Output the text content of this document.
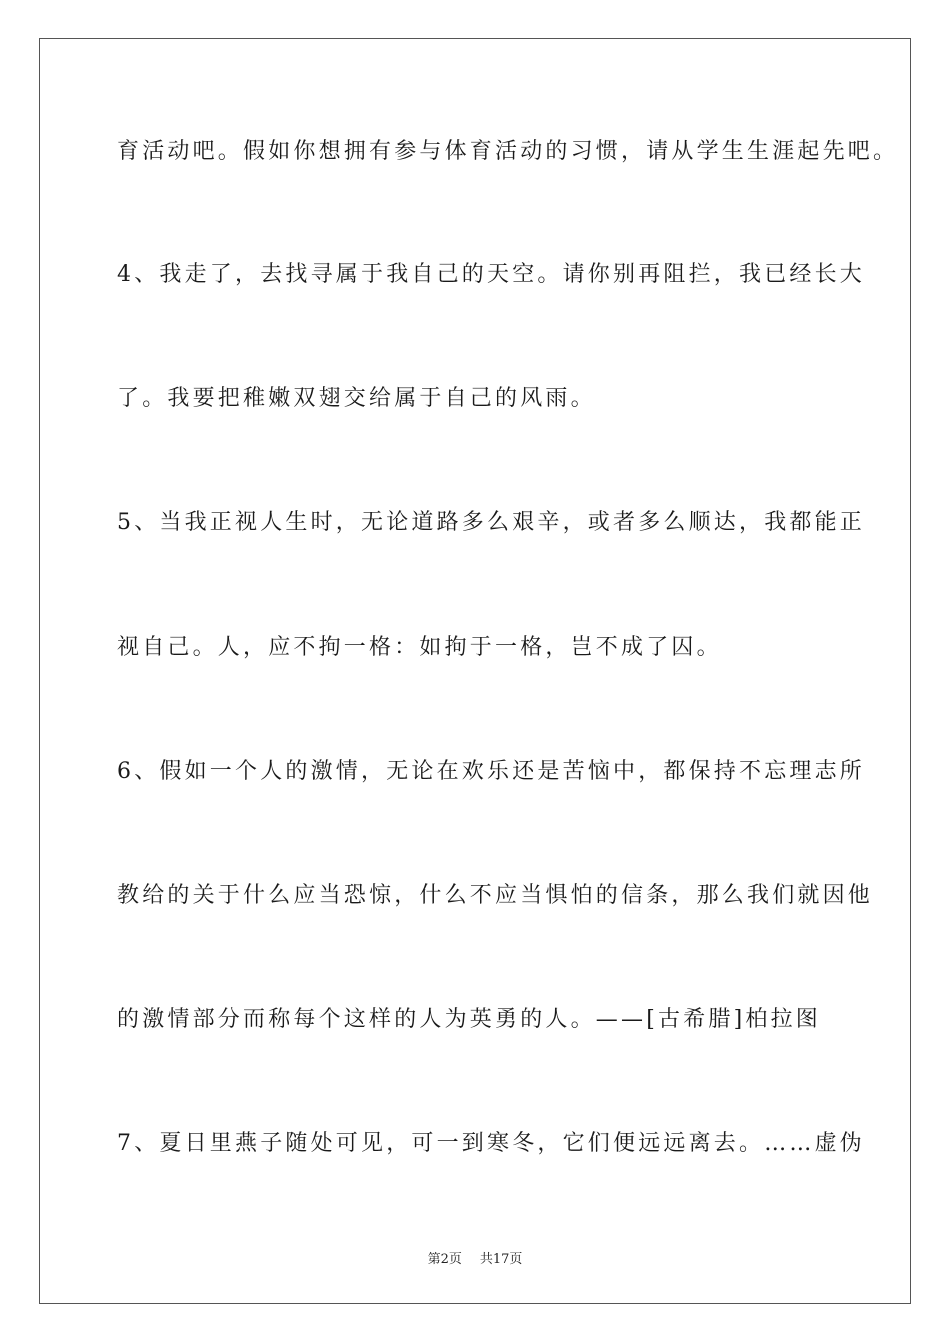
育活动吧。假如你想拥有参与体育活动的习惯，请从学生生涯起先吧。
4、我走了，去找寻属于我自己的天空。请你别再阻拦，我已经长大
了。我要把稚嫩双翅交给属于自己的风雨。
5、当我正视人生时，无论道路多么艰辛，或者多么顺达，我都能正
视自己。人，应不拘一格：如拘于一格，岂不成了囚。
6、假如一个人的激情，无论在欢乐还是苦恼中，都保持不忘理志所
教给的关于什么应当恐惊，什么不应当惧怕的信条，那么我们就因他
的激情部分而称每个这样的人为英勇的人。——[古希腊]柏拉图
7、夏日里燕子随处可见，可一到寒冬，它们便远远离去。……虚伪
第2页 共17页
